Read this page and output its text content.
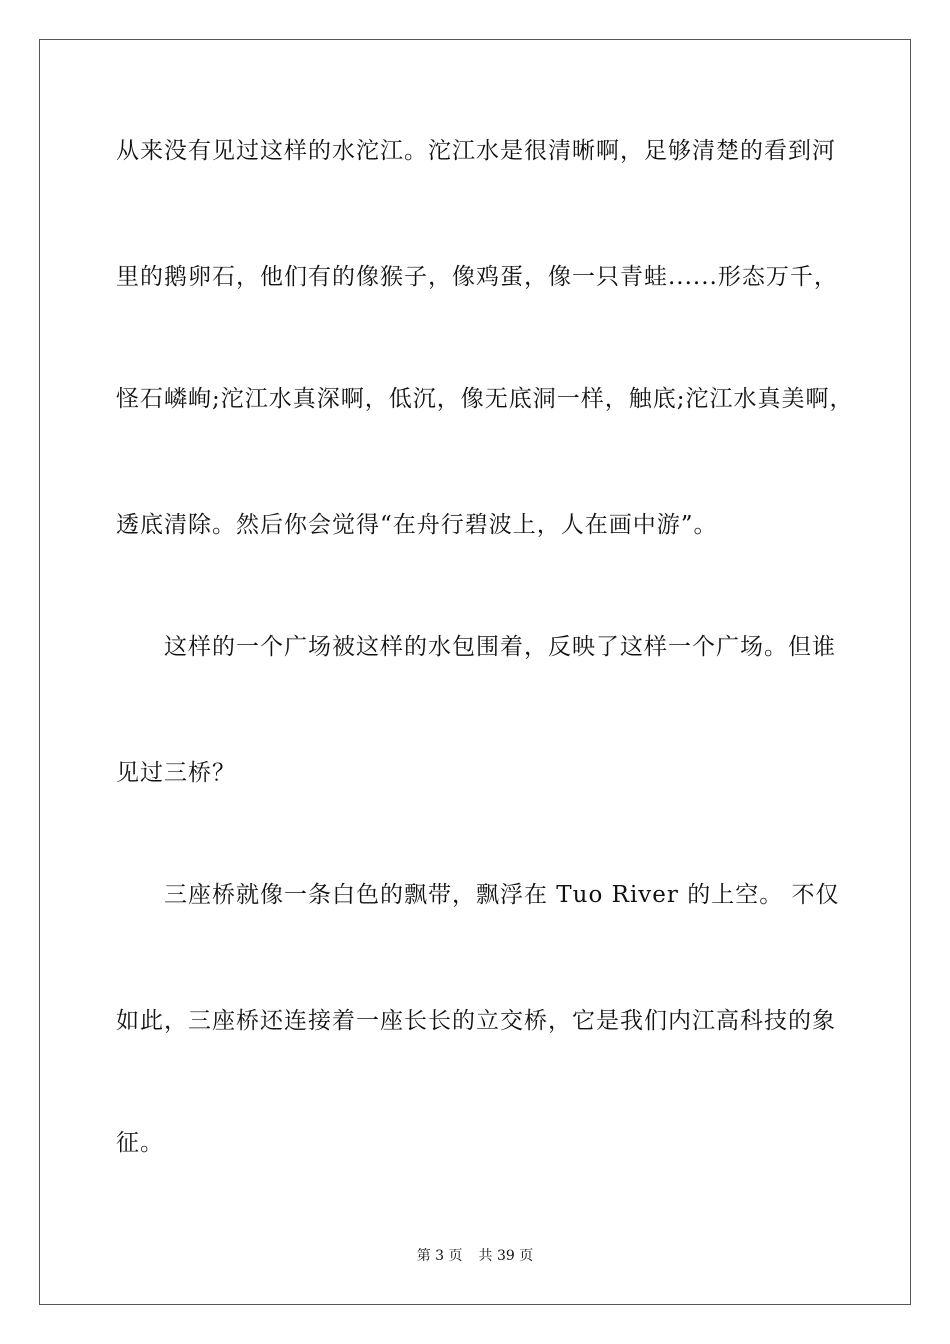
从来没有见过这样的水沱江。沱江水是很清晰啊，足够清楚的看到河
里的鹅卵石，他们有的像猴子，像鸡蛋，像一只青蛙......形态万千，
怪石嶙峋;沱江水真深啊，低沉，像无底洞一样，触底;沱江水真美啊，
透底清除。然后你会觉得“在舟行碧波上，人在画中游”。
这样的一个广场被这样的水包围着，反映了这样一个广场。但谁
见过三桥？
三座桥就像一条白色的飘带，飘浮在 Tuo River 的上空。 不仅
如此，三座桥还连接着一座长长的立交桥，它是我们内江高科技的象
征。
第 3 页 共 39 页
